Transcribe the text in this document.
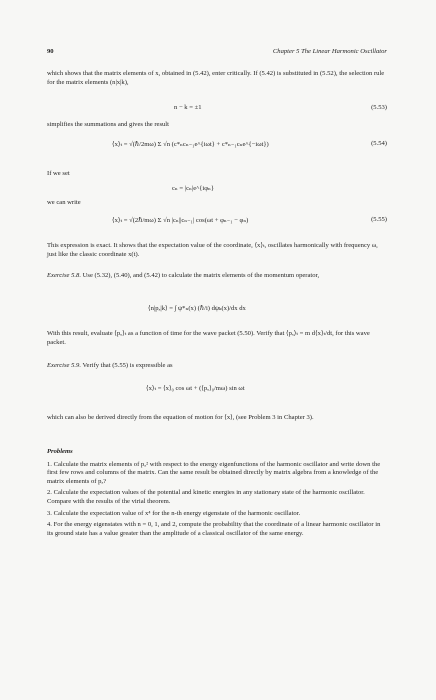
90	Chapter 5 The Linear Harmonic Oscillator
which shows that the matrix elements of x, obtained in (5.42), enter critically. If (5.42) is substituted in (5.52), the selection rule for the matrix elements (n|x|k),
n − k = ±1	(5.53)
simplifies the summations and gives the result
⟨x⟩ₜ = √(ℏ/2mω) Σ √n (c*ₙcₙ₋₁e^{iωt} + c*ₙ₋₁cₙe^{−iωt})	(5.54)
If we set
cₙ = |cₙ|e^{iφₙ}
we can write
⟨x⟩ₜ = √(2ℏ/mω) Σ √n |cₙ||cₙ₋₁| cos(ωt + φₙ₋₁ − φₙ)	(5.55)
This expression is exact. It shows that the expectation value of the coordinate, ⟨x⟩ₜ, oscillates harmonically with frequency ω, just like the classic coordinate x(t).
Exercise 5.8. Use (5.32), (5.40), and (5.42) to calculate the matrix elements of the momentum operator,
⟨n|pₓ|k⟩ = ∫ ψ*ₙ(x) (ℏ/i) dψₖ(x)/dx dx
With this result, evaluate ⟨pₓ⟩ₜ as a function of time for the wave packet (5.50). Verify that ⟨pₓ⟩ₜ = m d⟨x⟩ₜ/dt, for this wave packet.
Exercise 5.9. Verify that (5.55) is expressible as
⟨x⟩ₜ = ⟨x⟩₀ cos ωt + (⟨pₓ⟩₀/mω) sin ωt
which can also be derived directly from the equation of motion for ⟨x⟩, (see Problem 3 in Chapter 3).
Problems
1. Calculate the matrix elements of pₓ² with respect to the energy eigenfunctions of the harmonic oscillator and write down the first few rows and columns of the matrix. Can the same result be obtained directly by matrix algebra from a knowledge of the matrix elements of pₓ?
2. Calculate the expectation values of the potential and kinetic energies in any stationary state of the harmonic oscillator. Compare with the results of the virial theorem.
3. Calculate the expectation value of x⁴ for the n-th energy eigenstate of the harmonic oscillator.
4. For the energy eigenstates with n = 0, 1, and 2, compute the probability that the coordinate of a linear harmonic oscillator in its ground state has a value greater than the amplitude of a classical oscillator of the same energy.
